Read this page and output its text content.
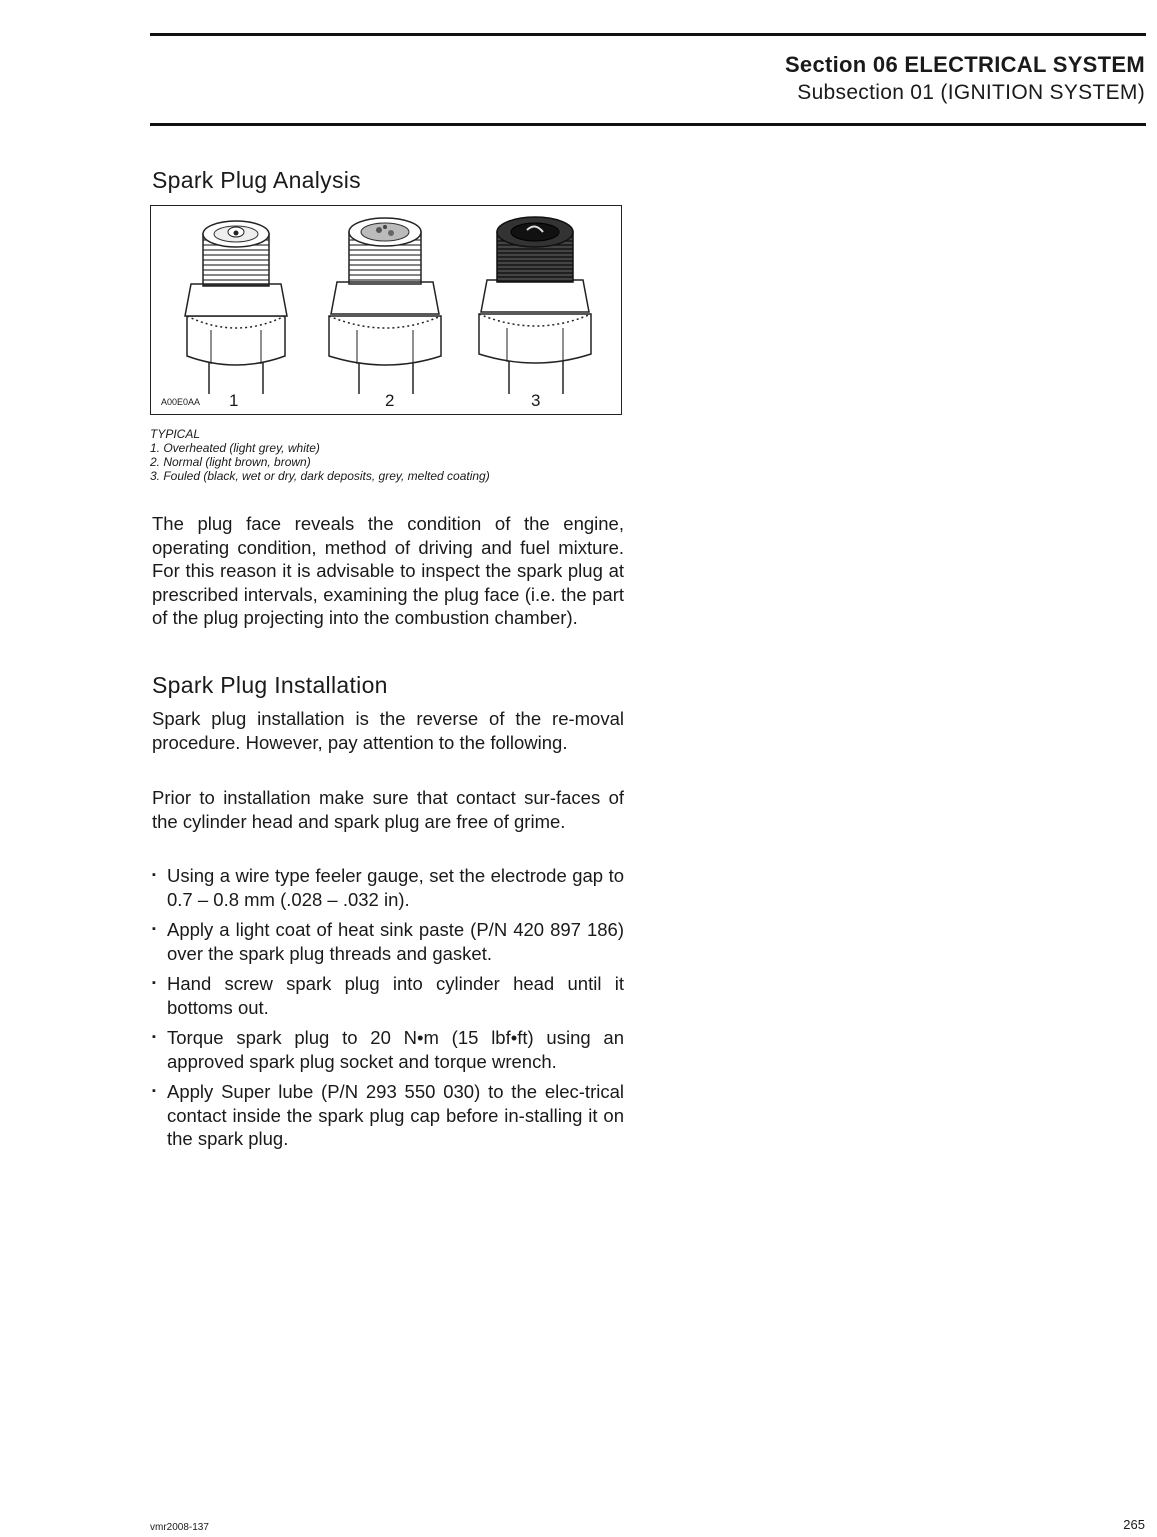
Section 06 ELECTRICAL SYSTEM
Subsection 01 (IGNITION SYSTEM)
Spark Plug Analysis
A00E0AA 1	2	3
TYPICAL
1. Overheated (light grey, white)
2. Normal (light brown, brown)
3. Fouled (black, wet or dry, dark deposits, grey, melted coating)

The plug face reveals the condition of the engine, operating condition, method of driving and fuel mixture. For this reason it is advisable to inspect the spark plug at prescribed intervals, examining the plug face (i.e. the part of the plug projecting into the combustion chamber).

Spark Plug Installation

Spark plug installation is the reverse of the re-moval procedure. However, pay attention to the following.

Prior to installation make sure that contact sur-faces of the cylinder head and spark plug are free of grime.

▪ Using a wire type feeler gauge, set the electrode gap to 0.7 – 0.8 mm (.028 – .032 in).
▪ Apply a light coat of heat sink paste (P/N 420 897 186) over the spark plug threads and gasket.
▪ Hand screw spark plug into cylinder head until it bottoms out.
▪ Torque spark plug to 20 N•m (15 lbf•ft) using an approved spark plug socket and torque wrench.
▪ Apply Super lube (P/N 293 550 030) to the elec-trical contact inside the spark plug cap before in-stalling it on the spark plug.
vmr2008-137	265
